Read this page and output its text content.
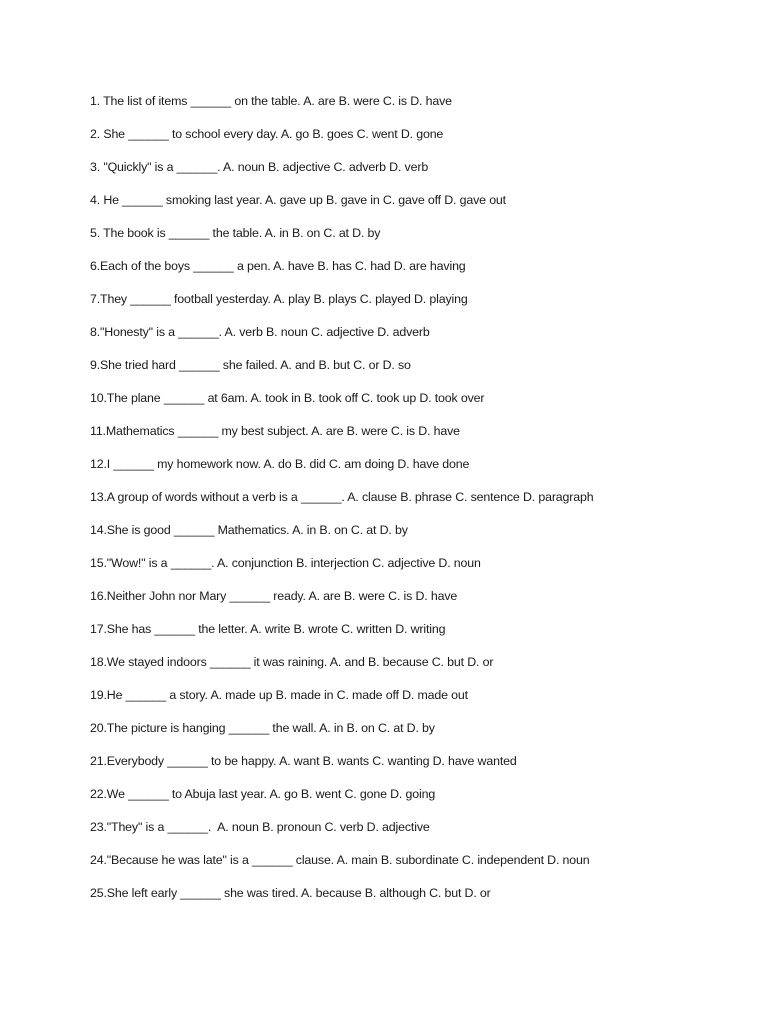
1. The list of items ______ on the table. A. are B. were C. is D. have
2. She ______ to school every day. A. go B. goes C. went D. gone
3. "Quickly" is a ______. A. noun B. adjective C. adverb D. verb
4. He ______ smoking last year. A. gave up B. gave in C. gave off D. gave out
5. The book is ______ the table. A. in B. on C. at D. by
6.Each of the boys ______ a pen. A. have B. has C. had D. are having
7.They ______ football yesterday. A. play B. plays C. played D. playing
8."Honesty" is a ______. A. verb B. noun C. adjective D. adverb
9.She tried hard ______ she failed. A. and B. but C. or D. so
10.The plane ______ at 6am. A. took in B. took off C. took up D. took over
11.Mathematics ______ my best subject. A. are B. were C. is D. have
12.I ______ my homework now. A. do B. did C. am doing D. have done
13.A group of words without a verb is a ______. A. clause B. phrase C. sentence D. paragraph
14.She is good ______ Mathematics. A. in B. on C. at D. by
15."Wow!" is a ______. A. conjunction B. interjection C. adjective D. noun
16.Neither John nor Mary ______ ready. A. are B. were C. is D. have
17.She has ______ the letter. A. write B. wrote C. written D. writing
18.We stayed indoors ______ it was raining. A. and B. because C. but D. or
19.He ______ a story. A. made up B. made in C. made off D. made out
20.The picture is hanging ______ the wall. A. in B. on C. at D. by
21.Everybody ______ to be happy. A. want B. wants C. wanting D. have wanted
22.We ______ to Abuja last year. A. go B. went C. gone D. going
23."They" is a ______.  A. noun B. pronoun C. verb D. adjective
24."Because he was late" is a ______ clause. A. main B. subordinate C. independent D. noun
25.She left early ______ she was tired. A. because B. although C. but D. or
